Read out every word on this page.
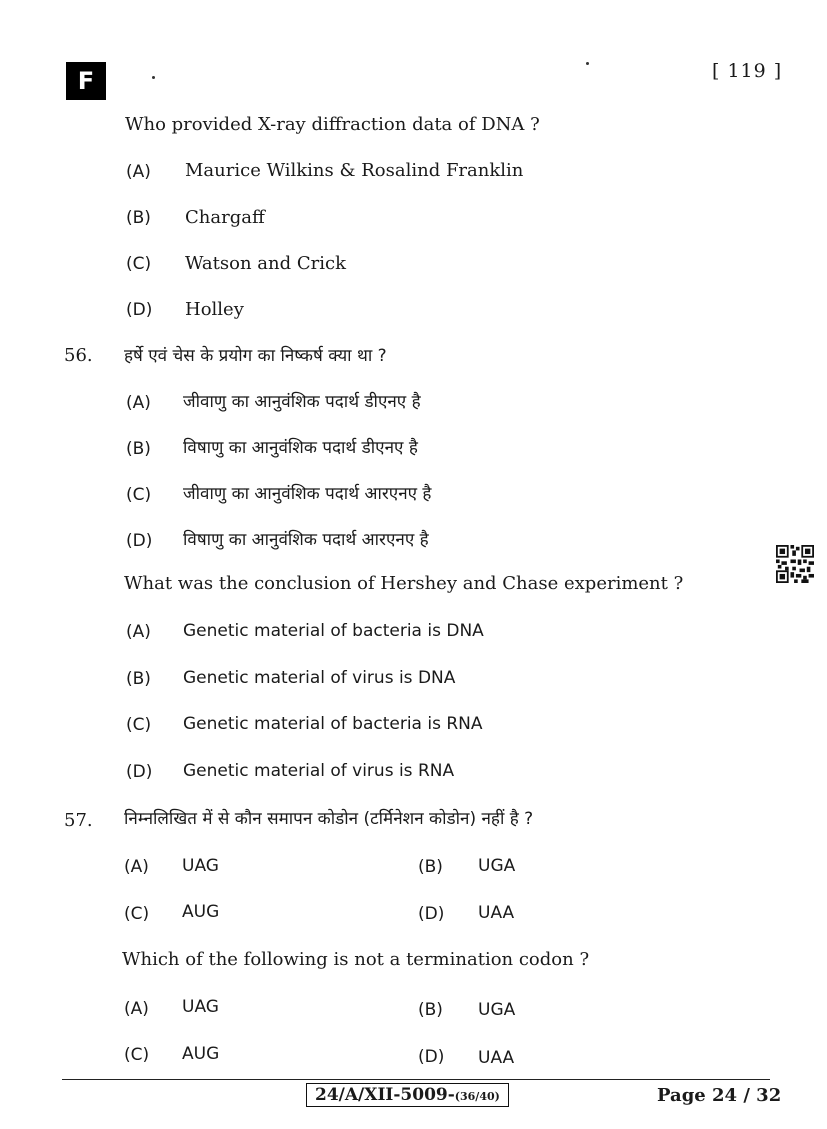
F	[ 119 ]
Who provided X-ray diffraction data of DNA ?
(A) Maurice Wilkins & Rosalind Franklin
(B) Chargaff
(C) Watson and Crick
(D) Holley
56. हर्षे एवं चेस के प्रयोग का निष्कर्ष क्या था ?
(A) जीवाणु का आनुवंशिक पदार्थ डीएनए है
(B) विषाणु का आनुवंशिक पदार्थ डीएनए है
(C) जीवाणु का आनुवंशिक पदार्थ आरएनए है
(D) विषाणु का आनुवंशिक पदार्थ आरएनए है
What was the conclusion of Hershey and Chase experiment ?
(A) Genetic material of bacteria is DNA
(B) Genetic material of virus is DNA
(C) Genetic material of bacteria is RNA
(D) Genetic material of virus is RNA
57. निम्नलिखित में से कौन समापन कोडोन (टर्मिनेशन कोडोन) नहीं है ?
(A) UAG	(B) UGA
(C) AUG	(D) UAA
Which of the following is not a termination codon ?
(A) UAG	(B) UGA
(C) AUG	(D) UAA
24/A/XII-5009-(36/40)	Page 24 / 32
